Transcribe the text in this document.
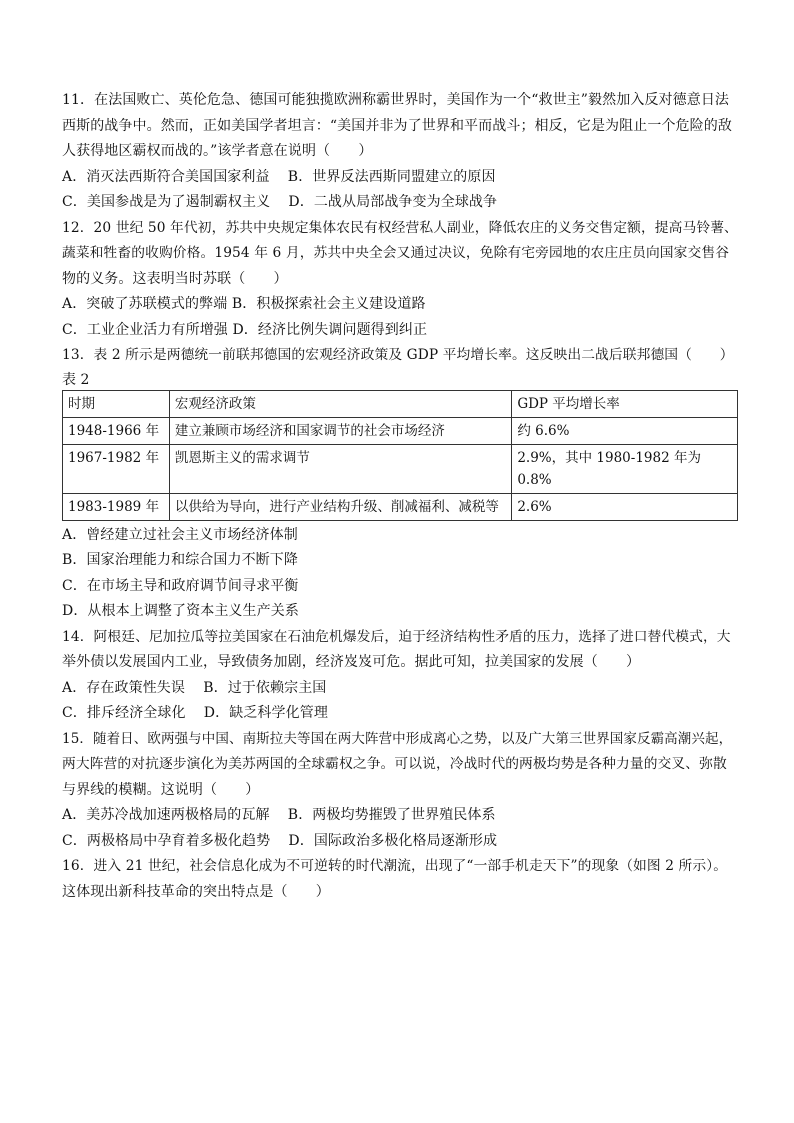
11．在法国败亡、英伦危急、德国可能独揽欧洲称霸世界时，美国作为一个“救世主”毅然加入反对德意日法
西斯的战争中。然而，正如美国学者坦言：“美国并非为了世界和平而战斗；相反，它是为阻止一个危险的敌
人获得地区霸权而战的。”该学者意在说明（　　）
A．消灭法西斯符合美国国家利益    B．世界反法西斯同盟建立的原因
C．美国参战是为了遏制霸权主义    D．二战从局部战争变为全球战争
12．20 世纪 50 年代初，苏共中央规定集体农民有权经营私人副业，降低农庄的义务交售定额，提高马铃薯、
蔬菜和牲畜的收购价格。1954 年 6 月，苏共中央全会又通过决议，免除有宅旁园地的农庄庄员向国家交售谷
物的义务。这表明当时苏联（　　）
A．突破了苏联模式的弊端 B．积极探索社会主义建设道路
C．工业企业活力有所增强 D．经济比例失调问题得到纠正
13．表 2 所示是两德统一前联邦德国的宏观经济政策及 GDP 平均增长率。这反映出二战后联邦德国（　　）
表 2
时期	宏观经济政策	GDP 平均增长率
1948-1966 年	建立兼顾市场经济和国家调节的社会市场经济	约 6.6%
1967-1982 年	凯恩斯主义的需求调节	2.9%，其中 1980-1982 年为 0.8%
1983-1989 年	以供给为导向，进行产业结构升级、削减福利、减税等	2.6%
A．曾经建立过社会主义市场经济体制
B．国家治理能力和综合国力不断下降
C．在市场主导和政府调节间寻求平衡
D．从根本上调整了资本主义生产关系
14．阿根廷、尼加拉瓜等拉美国家在石油危机爆发后，迫于经济结构性矛盾的压力，选择了进口替代模式，大
举外债以发展国内工业，导致债务加剧，经济岌岌可危。据此可知，拉美国家的发展（　　）
A．存在政策性失误    B．过于依赖宗主国
C．排斥经济全球化    D．缺乏科学化管理
15．随着日、欧两强与中国、南斯拉夫等国在两大阵营中形成离心之势，以及广大第三世界国家反霸高潮兴起，
两大阵营的对抗逐步演化为美苏两国的全球霸权之争。可以说，冷战时代的两极均势是各种力量的交叉、弥散
与界线的模糊。这说明（　　）
A．美苏冷战加速两极格局的瓦解    B．两极均势摧毁了世界殖民体系
C．两极格局中孕育着多极化趋势    D．国际政治多极化格局逐渐形成
16．进入 21 世纪，社会信息化成为不可逆转的时代潮流，出现了“一部手机走天下”的现象（如图 2 所示）。
这体现出新科技革命的突出特点是（　　）
